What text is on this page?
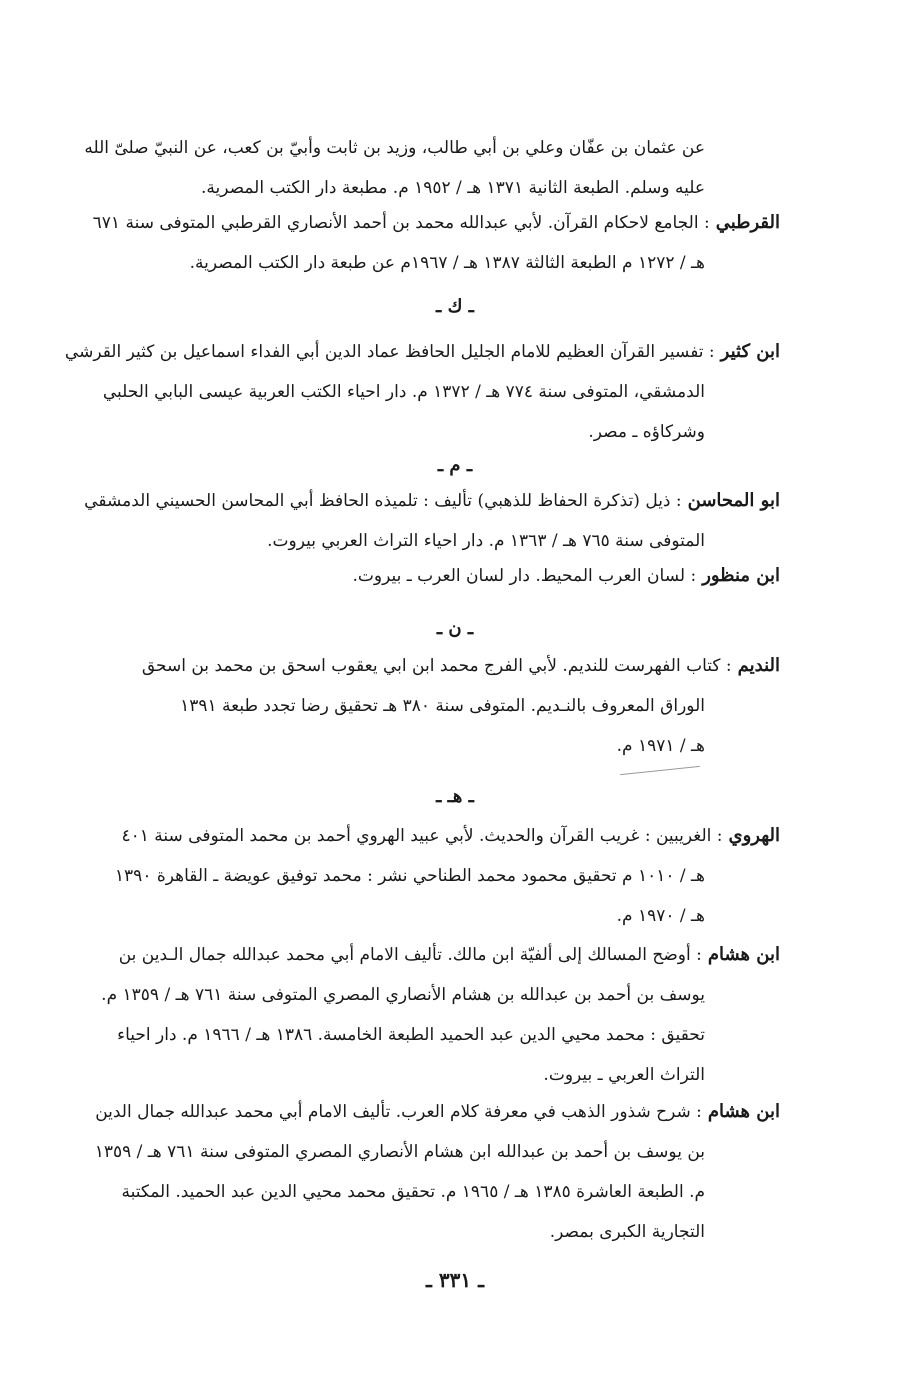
عن عثمان بن عفّان وعلي بن أبي طالب، وزيد بن ثابت وأبيّ بن كعب، عن النبيّ صلىّ الله
عليه وسلم. الطبعة الثانية ١٣٧١ هـ / ١٩٥٢ م. مطبعة دار الكتب المصرية.
القرطبي: الجامع لاحكام القرآن. لأبي عبدالله محمد بن أحمد الأنصاري القرطبي المتوفى سنة ٦٧١
هـ / ١٢٧٢ م الطبعة الثالثة ١٣٨٧ هـ / ١٩٦٧م عن طبعة دار الكتب المصرية.
ـ ك ـ
ابن كثير: تفسير القرآن العظيم للامام الجليل الحافظ عماد الدين أبي الفداء اسماعيل بن كثير القرشي
الدمشقي، المتوفى سنة ٧٧٤ هـ / ١٣٧٢ م. دار احياء الكتب العربية عيسى البابي الحلبي
وشركاؤه ـ مصر.
ـ م ـ
ابو المحاسن: ذيل (تذكرة الحفاظ للذهبي) تأليف : تلميذه الحافظ أبي المحاسن الحسيني الدمشقي
المتوفى سنة ٧٦٥ هـ / ١٣٦٣ م. دار احياء التراث العربي بيروت.
ابن منظور: لسان العرب المحيط. دار لسان العرب ـ بيروت.
ـ ن ـ
النديم: كتاب الفهرست للنديم. لأبي الفرج محمد ابن ابي يعقوب اسحق بن محمد بن اسحق
الوراق المعروف بالنـديم. المتوفى سنة ٣٨٠ هـ تحقيق رضا تجدد طبعة ١٣٩١
هـ / ١٩٧١ م.
ـ هـ ـ
الهروي: الغريبين : غريب القرآن والحديث. لأبي عبيد الهروي أحمد بن محمد المتوفى سنة ٤٠١
هـ / ١٠١٠ م تحقيق محمود محمد الطناحي نشر : محمد توفيق عويضة ـ القاهرة ١٣٩٠
هـ / ١٩٧٠ م.
ابن هشام: أوضح المسالك إلى ألفيّة ابن مالك. تأليف الامام أبي محمد عبدالله جمال الـدين بن
يوسف بن أحمد بن عبدالله بن هشام الأنصاري المصري المتوفى سنة ٧٦١ هـ / ١٣٥٩ م.
تحقيق : محمد محيي الدين عبد الحميد الطبعة الخامسة. ١٣٨٦ هـ / ١٩٦٦ م. دار احياء
التراث العربي ـ بيروت.
ابن هشام: شرح شذور الذهب في معرفة كلام العرب. تأليف الامام أبي محمد عبدالله جمال الدين
بن يوسف بن أحمد بن عبدالله ابن هشام الأنصاري المصري المتوفى سنة ٧٦١ هـ / ١٣٥٩
م. الطبعة العاشرة ١٣٨٥ هـ / ١٩٦٥ م. تحقيق محمد محيي الدين عبد الحميد. المكتبة
التجارية الكبرى بمصر.
ـ ٣٣١ ـ
